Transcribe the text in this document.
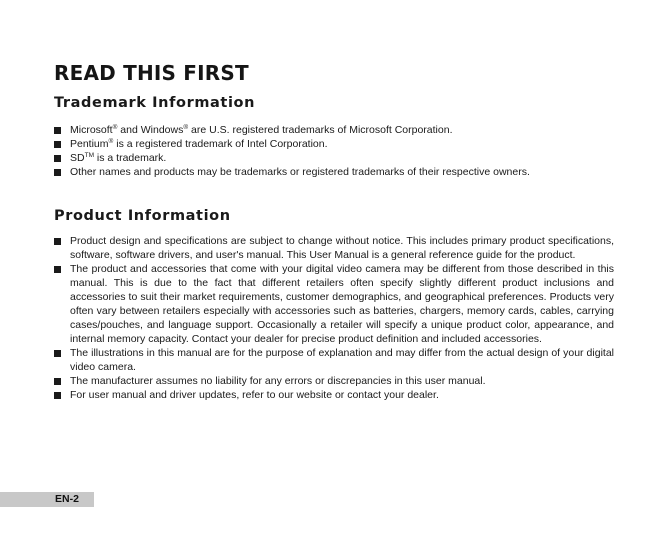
READ THIS FIRST
Trademark Information
Microsoft® and Windows® are U.S. registered trademarks of Microsoft Corporation.
Pentium® is a registered trademark of Intel Corporation.
SD™ is a trademark.
Other names and products may be trademarks or registered trademarks of their respective owners.
Product Information
Product design and specifications are subject to change without notice. This includes primary product specifications, software, software drivers, and user's manual. This User Manual is a general reference guide for the product.
The product and accessories that come with your digital video camera may be different from those described in this manual. This is due to the fact that different retailers often specify slightly different product inclusions and accessories to suit their market requirements, customer demographics, and geographical preferences. Products very often vary between retailers especially with accessories such as batteries, chargers, memory cards, cables, carrying cases/pouches, and language support. Occasionally a retailer will specify a unique product color, appearance, and internal memory capacity. Contact your dealer for precise product definition and included accessories.
The illustrations in this manual are for the purpose of explanation and may differ from the actual design of your digital video camera.
The manufacturer assumes no liability for any errors or discrepancies in this user manual.
For user manual and driver updates, refer to our website or contact your dealer.
EN-2
